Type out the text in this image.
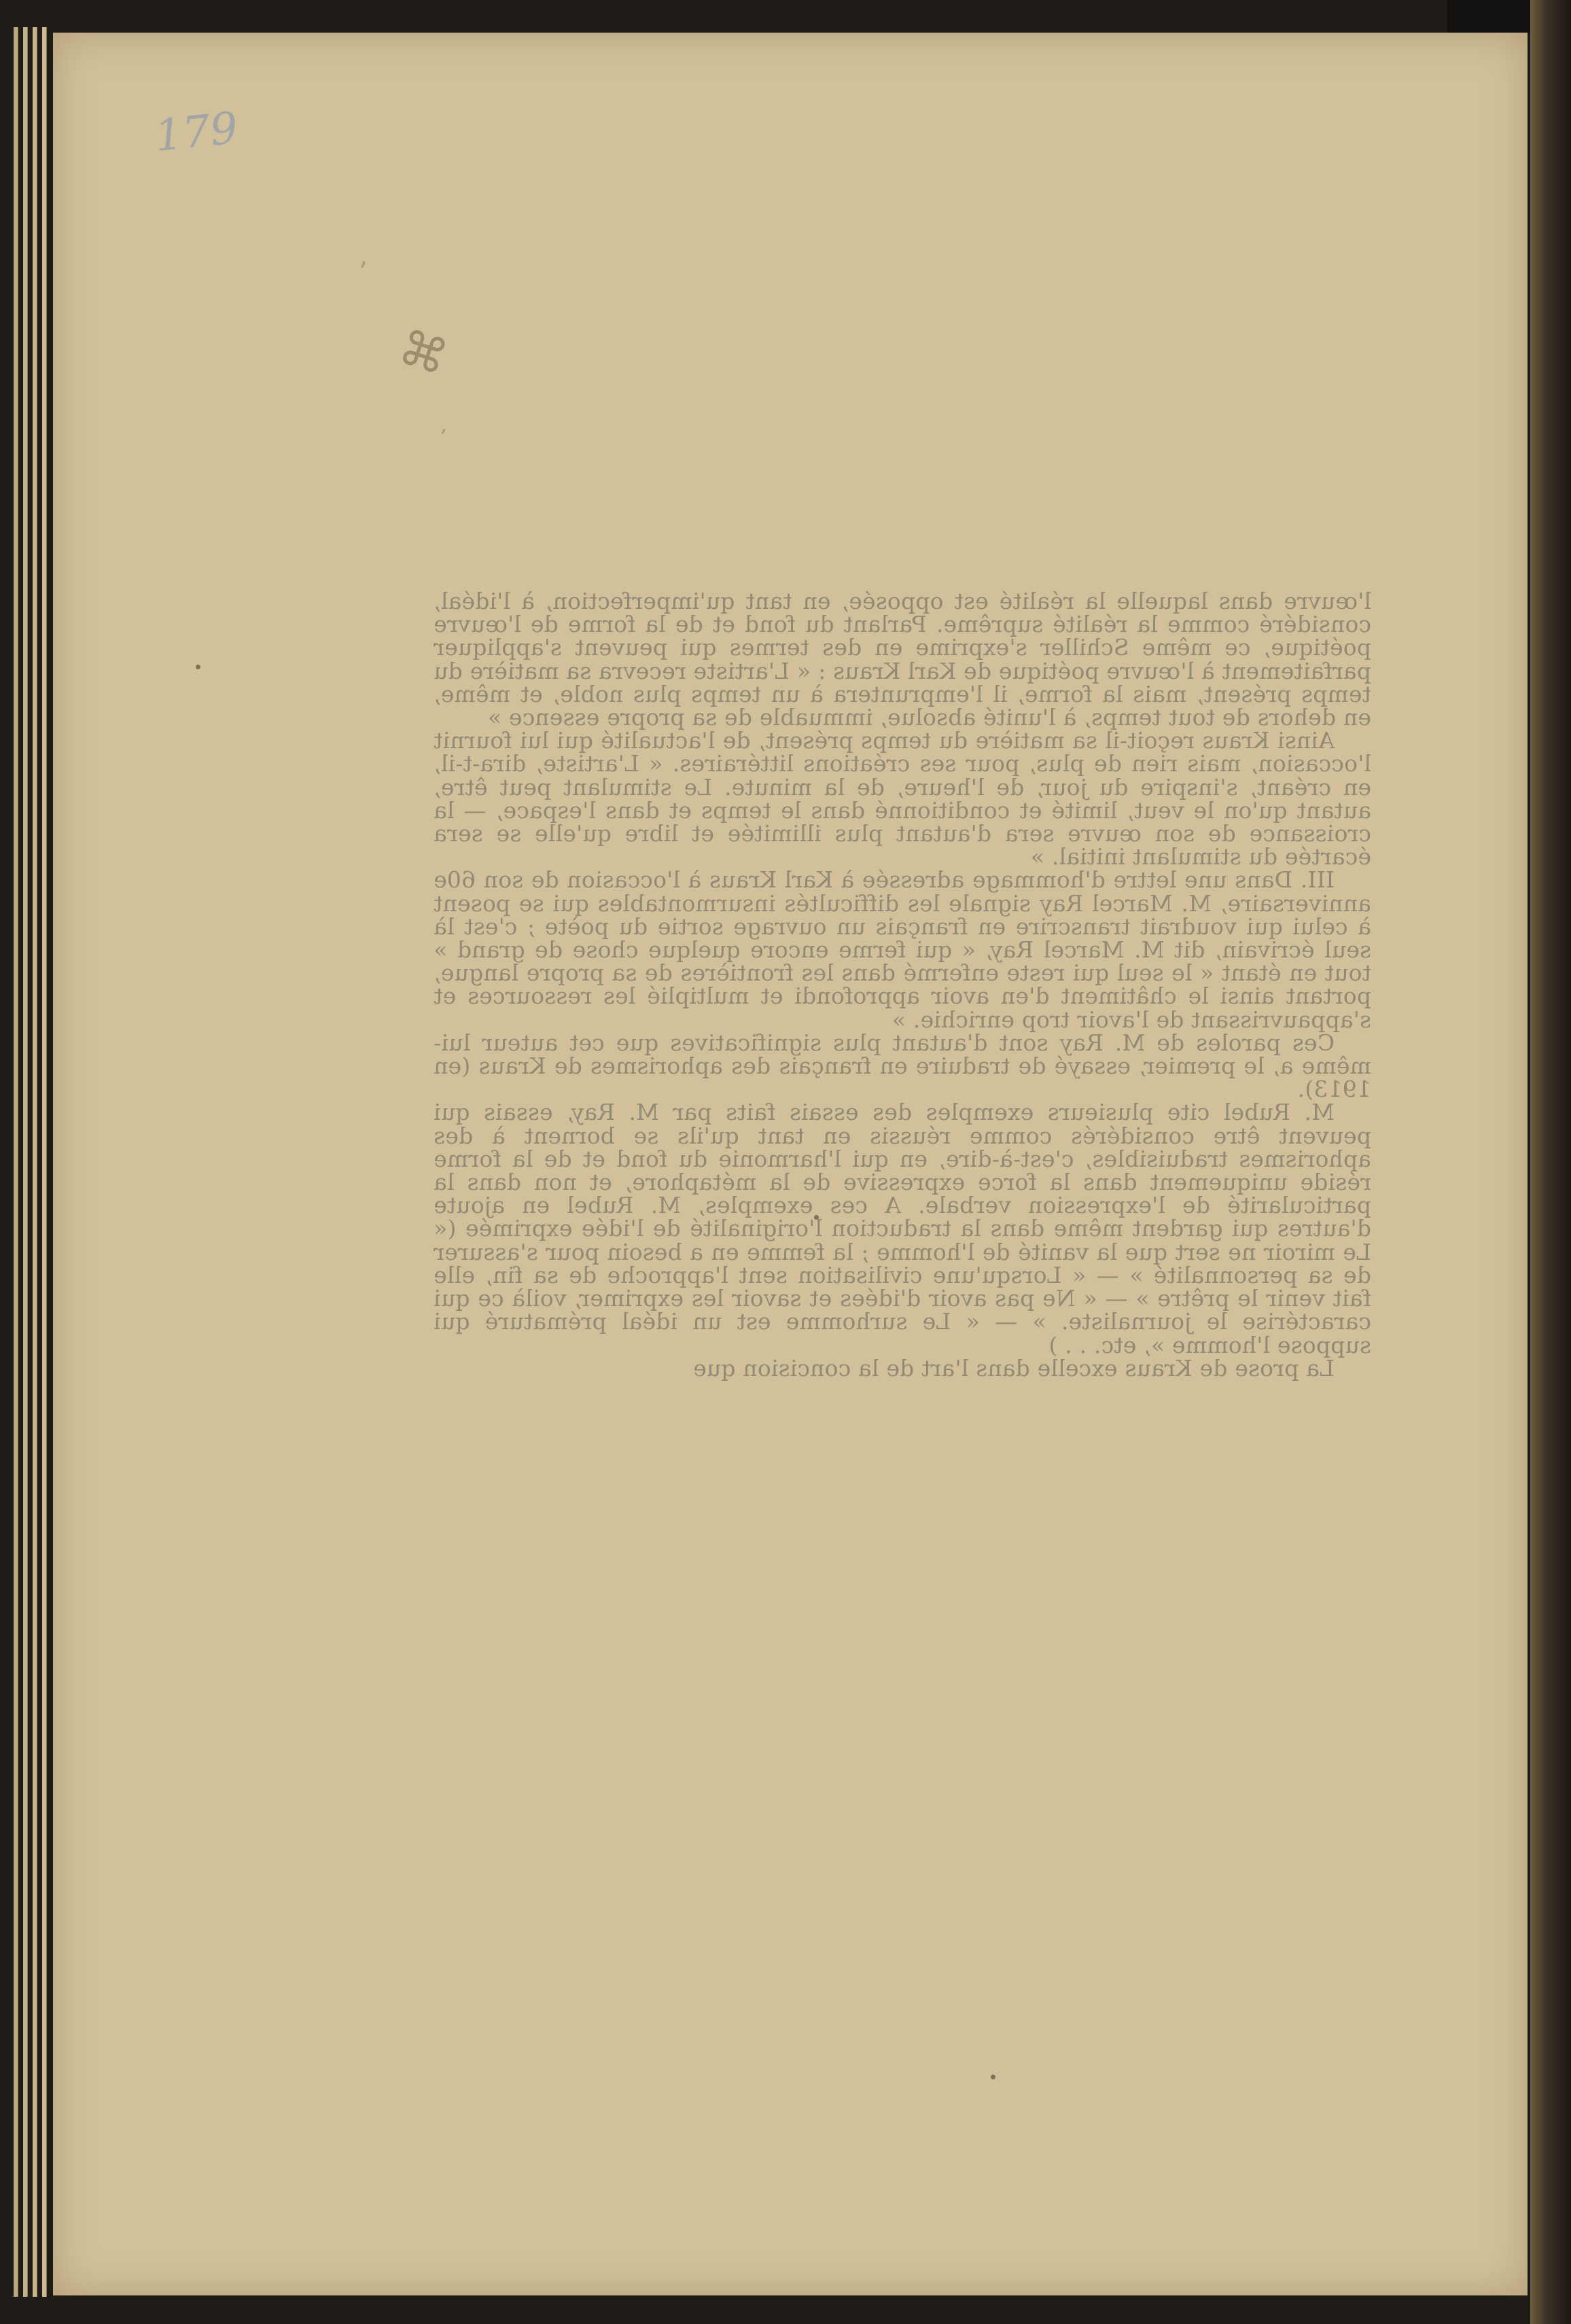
179
⌘
’
‚

l'œuvre dans laquelle la réalité est opposée, en tant qu'imperfection, à l'idéal, considéré comme la réalité suprême. Parlant du fond et de la forme de l'œuvre poétique, ce même Schiller s'exprime en des termes qui peuvent s'appliquer parfaitement à l'œuvre poétique de Karl Kraus : « L'artiste recevra sa matière du temps présent, mais la forme, il l'empruntera à un temps plus noble, et même, en dehors de tout temps, à l'unité absolue, immuable de sa propre essence »

Ainsi Kraus reçoit-il sa matière du temps présent, de l'actualité qui lui fournit l'occasion, mais rien de plus, pour ses créations littéraires. « L'artiste, dira-t-il, en créant, s'inspire du jour, de l'heure, de la minute. Le stimulant peut être, autant qu'on le veut, limité et conditionné dans le temps et dans l'espace, — la croissance de son œuvre sera d'autant plus illimitée et libre qu'elle se sera écartée du stimulant initial. »

III. Dans une lettre d'hommage adressée à Karl Kraus à l'occasion de son 60e anniversaire, M. Marcel Ray signale les difficultés insurmontables qui se posent à celui qui voudrait transcrire en français un ouvrage sortie du poète ; c'est là seul écrivain, dit M. Marcel Ray, « qui ferme encore quelque chose de grand » tout en étant « le seul qui reste enfermé dans les frontières de sa propre langue, portant ainsi le châtiment d'en avoir approfondi et multiplié les ressources et s'appauvrissant de l'avoir trop enrichie. »

Ces paroles de M. Ray sont d'autant plus significatives que cet auteur lui-même a, le premier, essayé de traduire en français des aphorismes de Kraus (en 1913).

M. Rubel cite plusieurs exemples des essais faits par M. Ray, essais qui peuvent être considérés comme réussis en tant qu'ils se bornent à des aphorismes traduisibles, c'est-à-dire, en qui l'harmonie du fond et de la forme réside uniquement dans la force expressive de la métaphore, et non dans la particularité de l'expression verbale. A ces exemples, M. Rubel en ajoute d'autres qui gardent même dans la traduction l'originalité de l'idée exprimée (« Le miroir ne sert que la vanité de l'homme ; la femme en a besoin pour s'assurer de sa personnalité » — « Lorsqu'une civilisation sent l'approche de sa fin, elle fait venir le prêtre » — « Ne pas avoir d'idées et savoir les exprimer, voilà ce qui caractérise le journaliste. » — « Le surhomme est un idéal prématuré qui suppose l'homme », etc. . . )

La prose de Kraus excelle dans l'art de la concision que
